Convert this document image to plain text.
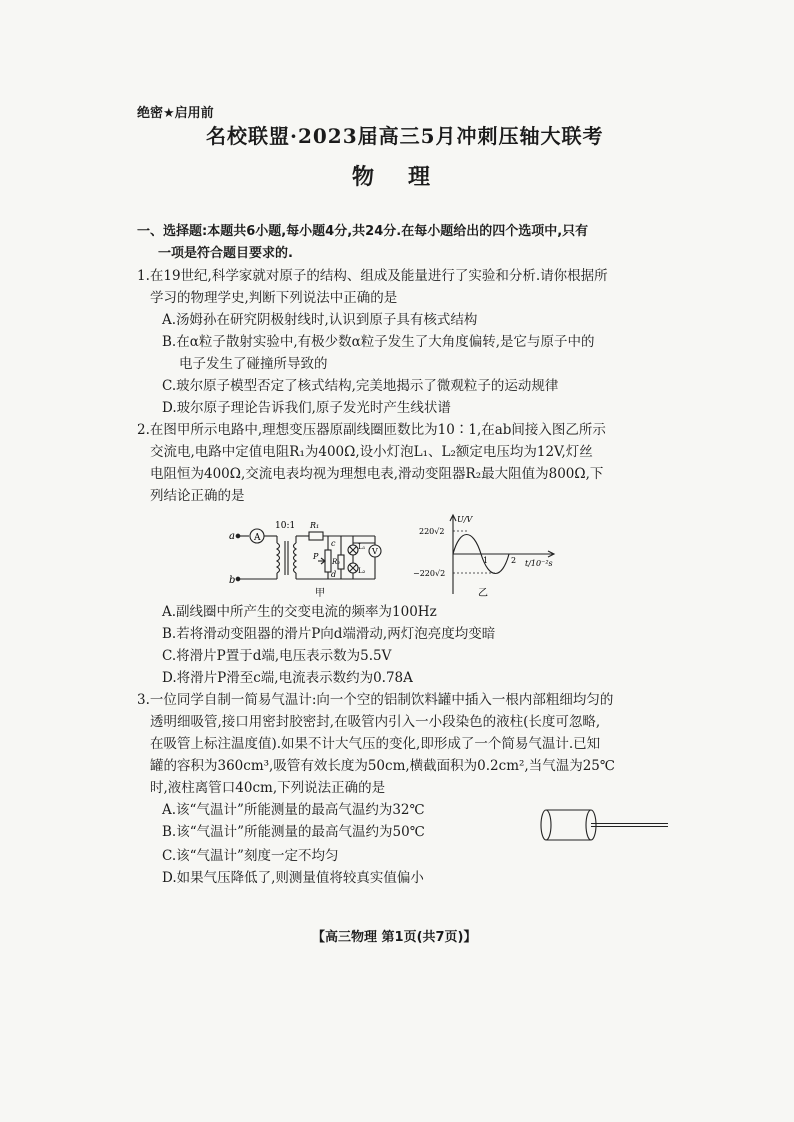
绝密★启用前
名校联盟·2023届高三5月冲刺压轴大联考
物理
一、选择题:本题共6小题,每小题4分,共24分.在每小题给出的四个选项中,只有
一项是符合题目要求的.
1.在19世纪,科学家就对原子的结构、组成及能量进行了实验和分析.请你根据所
学习的物理学史,判断下列说法中正确的是
A.汤姆孙在研究阴极射线时,认识到原子具有核式结构
B.在α粒子散射实验中,有极少数α粒子发生了大角度偏转,是它与原子中的
电子发生了碰撞所导致的
C.玻尔原子模型否定了核式结构,完美地揭示了微观粒子的运动规律
D.玻尔原子理论告诉我们,原子发光时产生线状谱
2.在图甲所示电路中,理想变压器原副线圈匝数比为10∶1,在ab间接入图乙所示
交流电,电路中定值电阻R₁为400Ω,设小灯泡L₁、L₂额定电压均为12V,灯丝
电阻恒为400Ω,交流电表均视为理想电表,滑动变阻器R₂最大阻值为800Ω,下
列结论正确的是
a
b
A
10:1 R₁
c
P
d
R₂
L₁
L₂
V
甲
U/V
t/10⁻²s
220√2
−220√2
1	2
乙
A.副线圈中所产生的交变电流的频率为100Hz
B.若将滑动变阻器的滑片P向d端滑动,两灯泡亮度均变暗
C.将滑片P置于d端,电压表示数为5.5V
D.将滑片P滑至c端,电流表示数约为0.78A
3.一位同学自制一简易气温计:向一个空的铝制饮料罐中插入一根内部粗细均匀的
透明细吸管,接口用密封胶密封,在吸管内引入一小段染色的液柱(长度可忽略,
在吸管上标注温度值).如果不计大气压的变化,即形成了一个简易气温计.已知
罐的容积为360cm³,吸管有效长度为50cm,横截面积为0.2cm²,当气温为25℃
时,液柱离管口40cm,下列说法正确的是
A.该“气温计”所能测量的最高气温约为32℃
B.该“气温计”所能测量的最高气温约为50℃
C.该“气温计”刻度一定不均匀
D.如果气压降低了,则测量值将较真实值偏小
【高三物理 第1页(共7页)】
